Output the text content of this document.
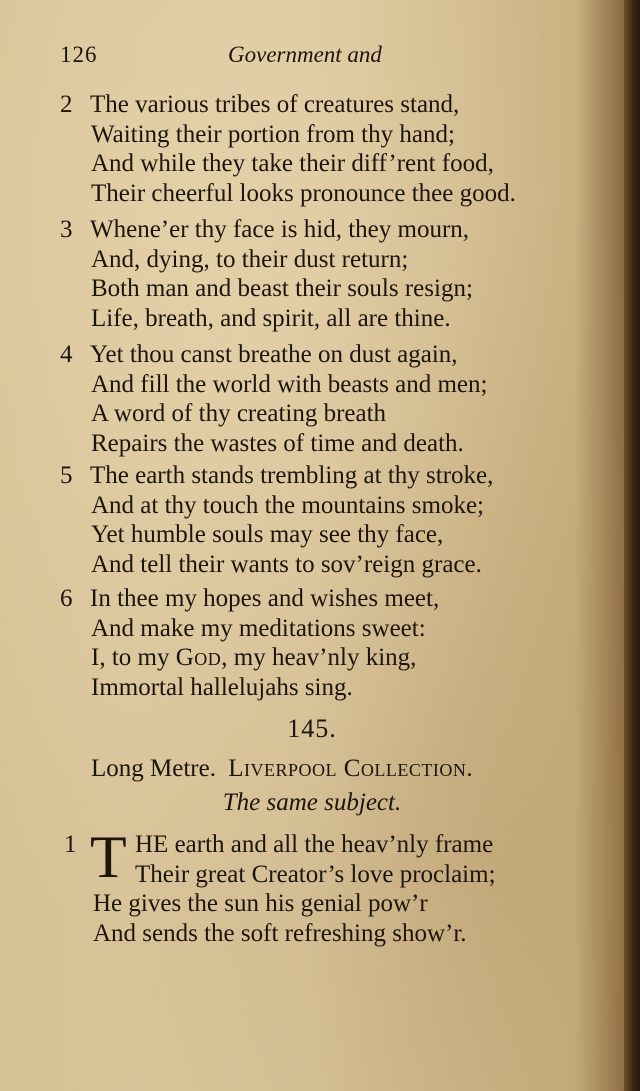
126	Government and
2 The various tribes of creatures stand,
Waiting their portion from thy hand;
And while they take their diff’rent food,
Their cheerful looks pronounce thee good.
3 Whene’er thy face is hid, they mourn,
And, dying, to their dust return;
Both man and beast their souls resign;
Life, breath, and spirit, all are thine.
4 Yet thou canst breathe on dust again,
And fill the world with beasts and men;
A word of thy creating breath
Repairs the wastes of time and death.
5 The earth stands trembling at thy stroke,
And at thy touch the mountains smoke;
Yet humble souls may see thy face,
And tell their wants to sov’reign grace.
6 In thee my hopes and wishes meet,
And make my meditations sweet:
I, to my God, my heav’nly king,
Immortal hallelujahs sing.
145.
Long Metre. Liverpool Collection.
The same subject.
1 T HE earth and all the heav’nly frame
Their great Creator’s love proclaim;
He gives the sun his genial pow’r
And sends the soft refreshing show’r.
